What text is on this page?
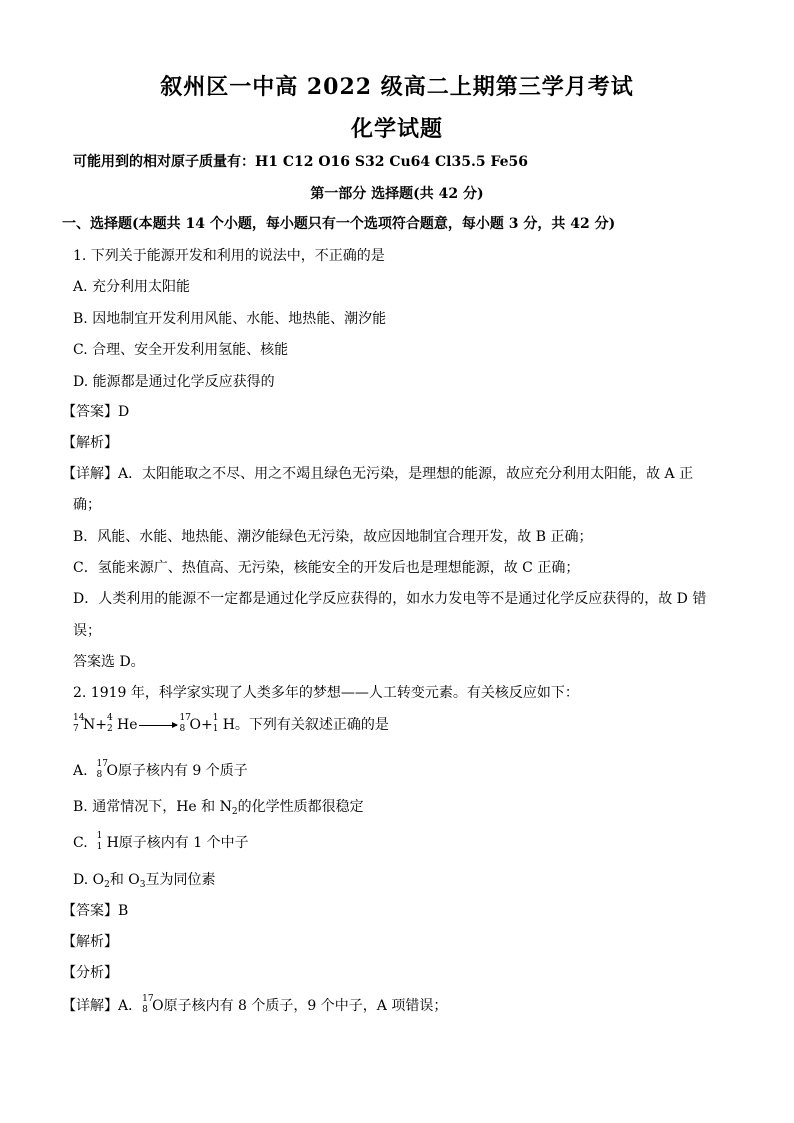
叙州区一中高 2022 级高二上期第三学月考试
化学试题
可能用到的相对原子质量有：H1 C12 O16 S32 Cu64 Cl35.5 Fe56
第一部分 选择题(共 42 分)
一、选择题(本题共 14 个小题，每小题只有一个选项符合题意，每小题 3 分，共 42 分)
1. 下列关于能源开发和利用的说法中，不正确的是
A. 充分利用太阳能
B. 因地制宜开发利用风能、水能、地热能、潮汐能
C. 合理、安全开发利用氢能、核能
D. 能源都是通过化学反应获得的
【答案】D
【解析】
【详解】A．太阳能取之不尽、用之不竭且绿色无污染，是理想的能源，故应充分利用太阳能，故 A 正
确；
B．风能、水能、地热能、潮汐能绿色无污染，故应因地制宜合理开发，故 B 正确；
C．氢能来源广、热值高、无污染，核能安全的开发后也是理想能源，故 C 正确；
D．人类利用的能源不一定都是通过化学反应获得的，如水力发电等不是通过化学反应获得的，故 D 错
误；
答案选 D。
2. 1919 年，科学家实现了人类多年的梦想——人工转变元素。有关核反应如下：
14
7 N+ 4
2 He →
17
8 O+ 1
1 H。下列有关叙述正确的是
A. 17
8 O原子核内有 9 个质子
B. 通常情况下，He 和 $N_2$的化学性质都很稳定
C. 1
1 H原子核内有 1 个中子
D. $O_2$和 $O_3$互为同位素
【答案】B
【解析】
【分析】
【详解】A． 17
8 O原子核内有 8 个质子，9 个中子，A 项错误；
